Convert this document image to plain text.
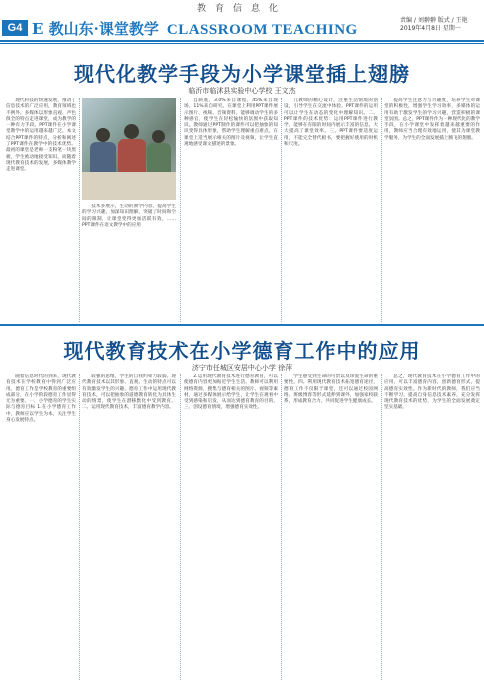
教育信息化
G4 E 教山东·课堂教学 CLASSROOM TEACHING
责编 / 刘翀翀 版式 / 王艳
2019年4月8日 星期一
现代化教学手段为小学课堂插上翅膀
临沂市临沭县实验中心学校 王文杰

现代科技的快速发展，推动了信息技术的广泛应用，教育领域也不例外。多媒体以形象直观、声色俱全的特点走进课堂，成为教学的一种有力手段。PPT课件在小学课堂教学中的运用越来越广泛。本文结合PPT课件的特点，分析和阐述了PPT课件在教学中的技术优势。最初的课堂是老师一支粉笔一块黑板，学生被动地接受知识，而随着现代教育技术的发展，多媒体教学走进课堂。

技术多展示，生动的教学内容，提高学生的学习兴趣，加深知识理解，突破了时间和空间的限制，让课堂变得更加活跃有效。……PPT课件在语文教学中的应用

自制底，3.0%来自课程，45%来自现场，11%来自研究。在课堂上利用PPT课件展示图片、视频、音频资料，能够调动学生的多种感官，使学生在轻松愉快的氛围中获取知识。教师通过PPT制作的课件可以把抽象的知识变得具体形象，帮助学生理解重点难点。在课堂上适当展示相关的图片及视频，让学生直观地感受课文描述的景象。

儿教师的精心设计，注重生活情境的创设，引导学生在交流中体验。PPT课件的运用可以让学生在动态的变化中理解知识。二、PPT课件的技术优势：运用PPT课件进行教学，能够在有限的时间内展示丰富的信息，大大提高了课堂效率。三、PPT课件要适度运用，不能完全替代板书，要把握好使用的时机和尺度。

提高学生注意力与兴趣度，培养学生对课堂的积极性，增强学生学习效率，多媒体的运用有助于激发学生的学习兴趣，营造积极的课堂氛围。总之，PPT课件作为一种现代化的教学手段，在小学课堂中发挥着越来越重要的作用，教师应当合理有效地运用，使其为课堂教学服务，为学生的全面发展插上腾飞的翅膀。

现代教育技术在小学德育工作中的应用
济宁市任城区安居中心小学 徐萍

随着信息时代的到来，现代教育技术在学校教育中得到广泛应用。德育工作是学校教育的重要组成部分，在小学阶段德育工作显得尤为重要。一、小学德育的学生实际与德育目标 1.在小学德育工作中，教师应以学生为本，关注学生身心发展特点。

较强的思维，学生的自我约束力较弱。现代教育技术以其形象、直观、生动的特点可以有效激发学生的兴趣，德育工作中运用现代教育技术，可以把抽象的道德教育转化为具体生动的情景，使学生在潜移默化中受到教育。二、运用现代教育技术，丰富德育教学内容。

2.运用现代教育技术进行德育教育，可以使德育内容更加贴近学生生活。教师可以利用网络资源，搜集与德育相关的图片、视频等素材，通过多媒体展示给学生，让学生在观看中受到感染和启发，从而达到德育教育的目的。三、创设德育情境，增强德育实效性。

学生感受到生命的可贵以及珍爱生命的重要性。四、利用现代教育技术拓宽德育途径，德育工作不仅限于课堂，还可以通过校园网络、班级博客等形式延伸到课外，加强家校联系，形成教育合力，共同促进学生健康成长。

总之，现代教育技术在小学德育工作中的应用，可以丰富德育内容，创新德育形式，提高德育实效性。作为新时代的教师，我们应当不断学习，提高自身信息技术素养，充分发挥现代教育技术的优势，为学生的全面发展奠定坚实基础。
